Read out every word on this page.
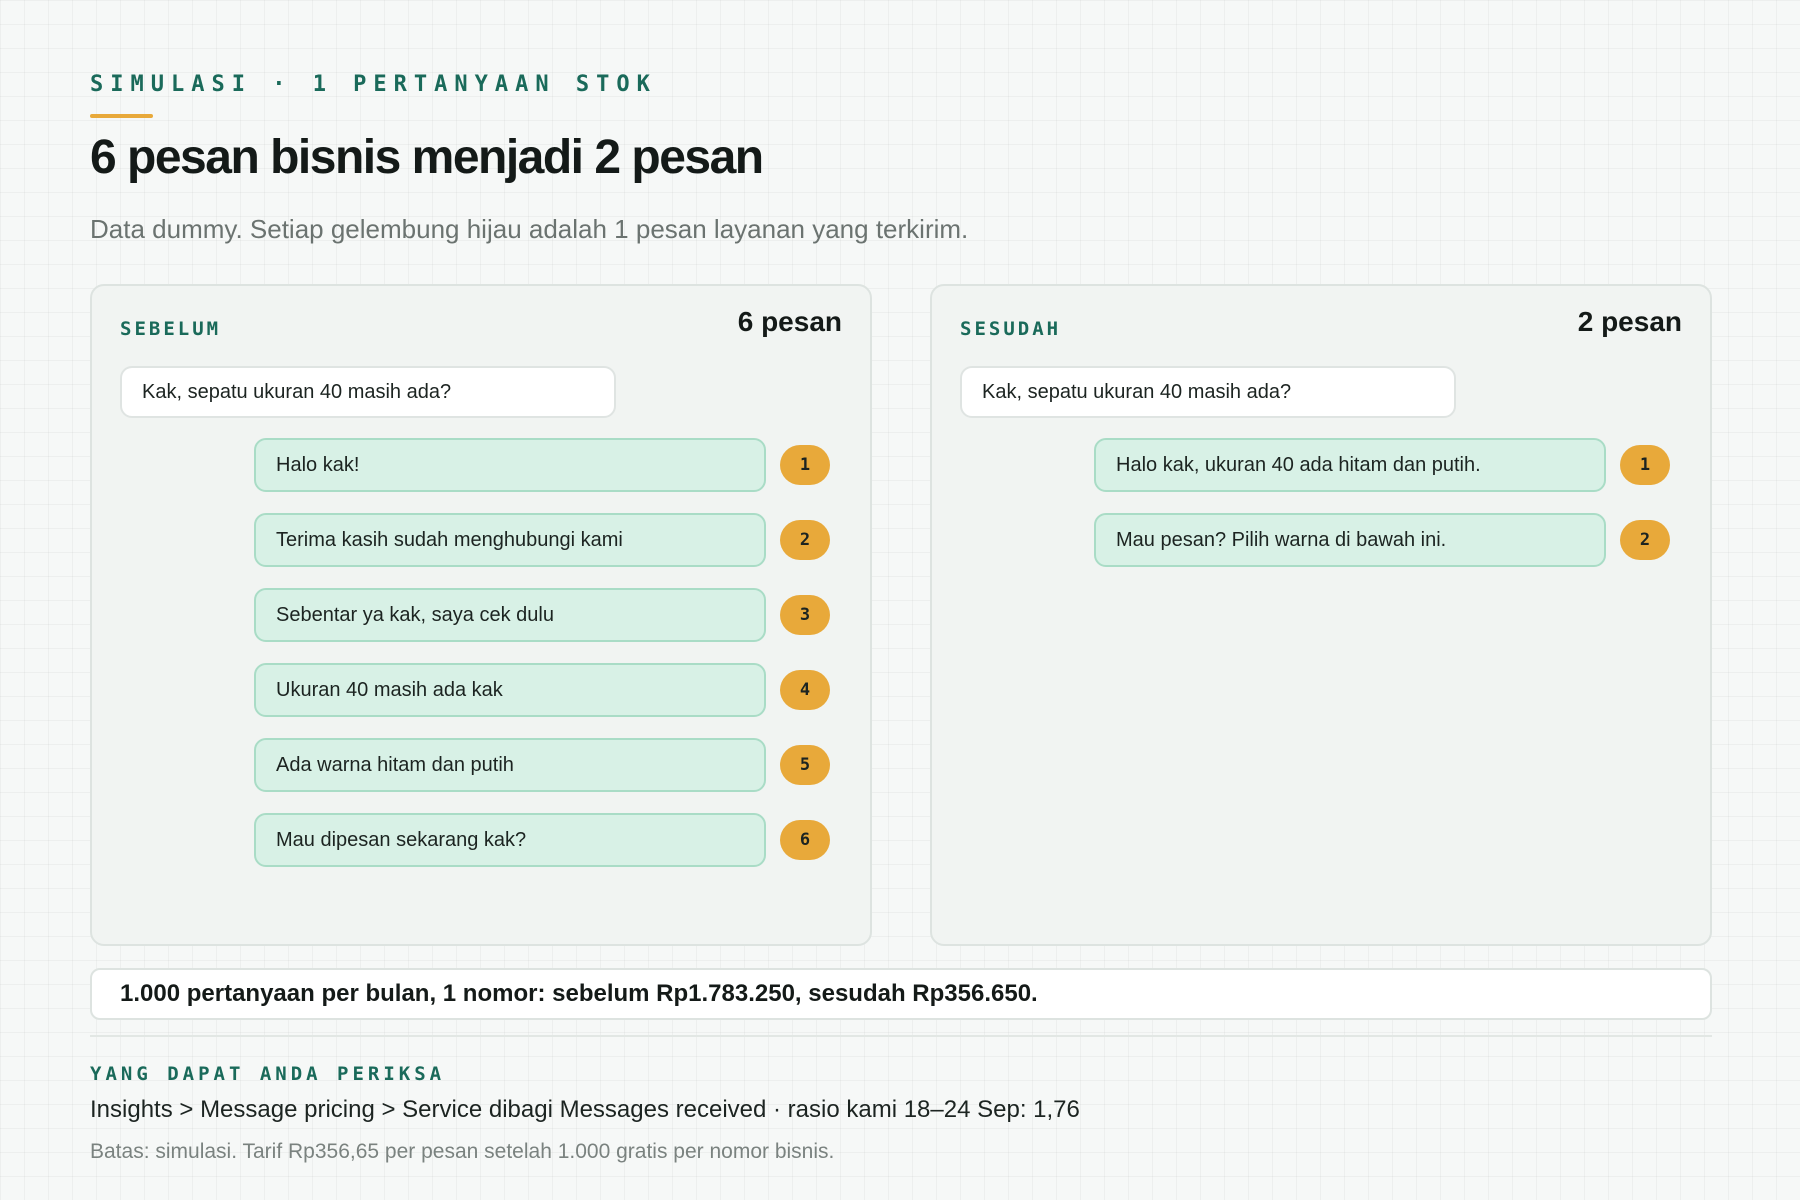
SIMULASI · 1 PERTANYAAN STOK
6 pesan bisnis menjadi 2 pesan
Data dummy. Setiap gelembung hijau adalah 1 pesan layanan yang terkirim.
SEBELUM	6 pesan
Kak, sepatu ukuran 40 masih ada?
Halo kak!	1
Terima kasih sudah menghubungi kami	2
Sebentar ya kak, saya cek dulu	3
Ukuran 40 masih ada kak	4
Ada warna hitam dan putih	5
Mau dipesan sekarang kak?	6
SESUDAH	2 pesan
Kak, sepatu ukuran 40 masih ada?
Halo kak, ukuran 40 ada hitam dan putih.	1
Mau pesan? Pilih warna di bawah ini.	2
1.000 pertanyaan per bulan, 1 nomor: sebelum Rp1.783.250, sesudah Rp356.650.
YANG DAPAT ANDA PERIKSA
Insights > Message pricing > Service dibagi Messages received · rasio kami 18–24 Sep: 1,76
Batas: simulasi. Tarif Rp356,65 per pesan setelah 1.000 gratis per nomor bisnis.
